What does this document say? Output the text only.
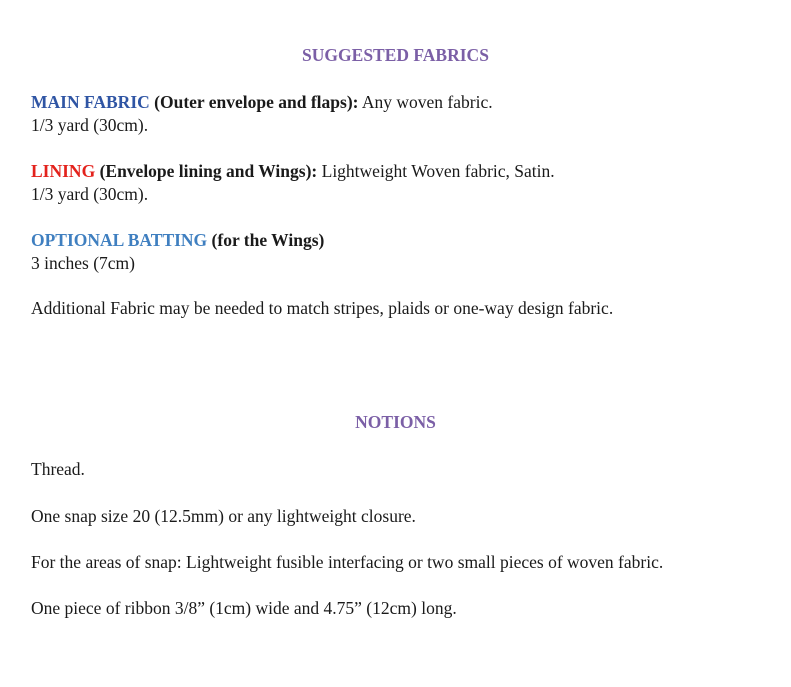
SUGGESTED FABRICS
MAIN FABRIC (Outer envelope and flaps): Any woven fabric.
1/3 yard (30cm).
LINING (Envelope lining and Wings): Lightweight Woven fabric, Satin.
1/3 yard (30cm).
OPTIONAL BATTING (for the Wings)
3 inches (7cm)
Additional Fabric may be needed to match stripes, plaids or one-way design fabric.
NOTIONS
Thread.
One snap size 20 (12.5mm) or any lightweight closure.
For the areas of snap: Lightweight fusible interfacing or two small pieces of woven fabric.
One piece of ribbon 3/8” (1cm) wide and 4.75” (12cm) long.
